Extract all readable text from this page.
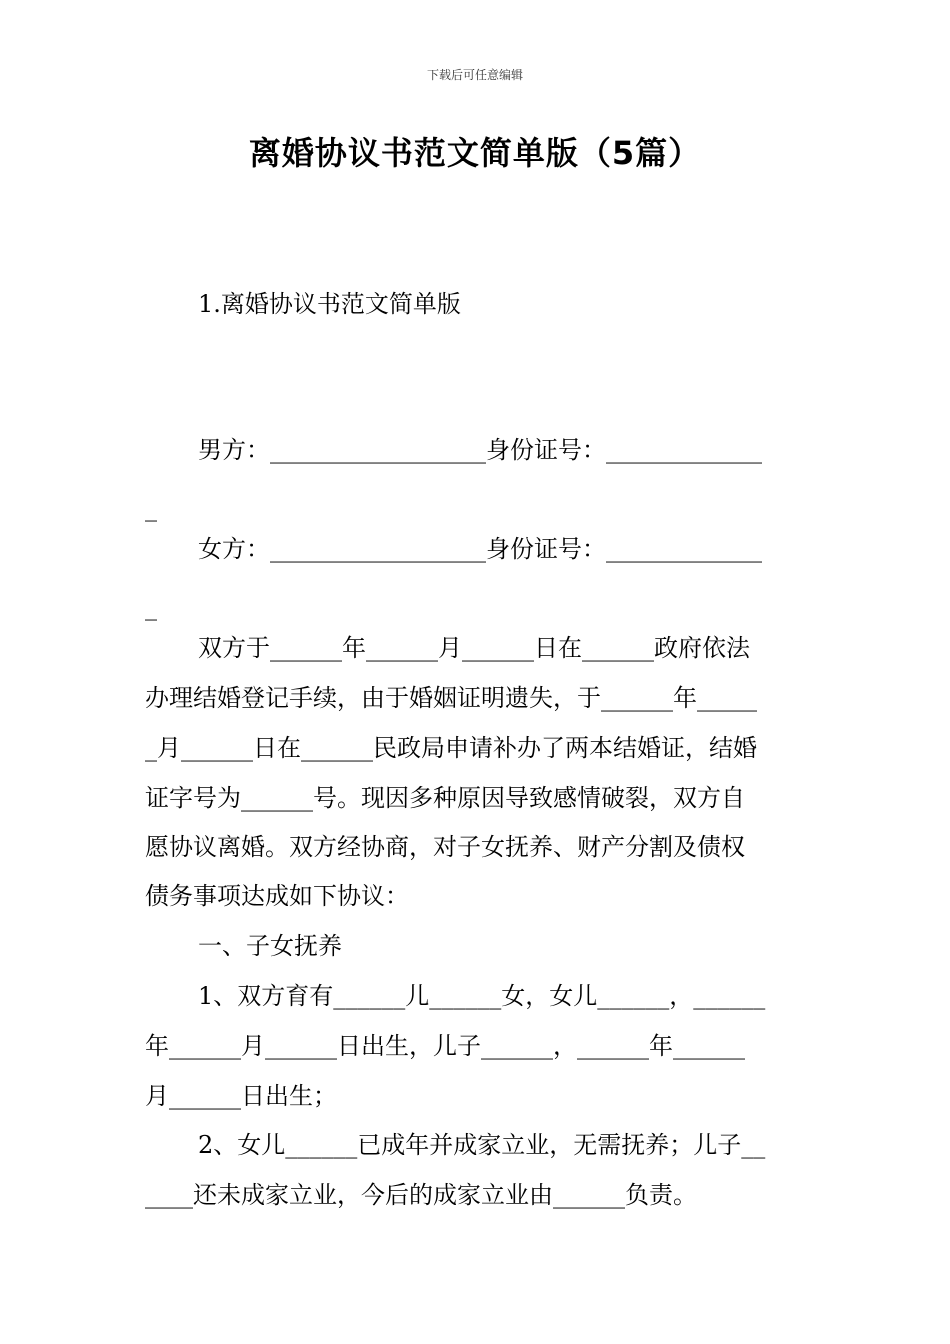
下载后可任意编辑
离婚协议书范文简单版（5篇）
1.离婚协议书范文简单版
男方：__________________身份证号：_____________
_
女方：__________________身份证号：_____________
_
双方于______年______月______日在______政府依法
办理结婚登记手续，由于婚姻证明遗失，于______年_____
_月______日在______民政局申请补办了两本结婚证，结婚
证字号为______号。现因多种原因导致感情破裂，双方自
愿协议离婚。双方经协商，对子女抚养、财产分割及债权
债务事项达成如下协议：
一、子女抚养
1、双方育有______儿______女，女儿______，______
年______月______日出生，儿子______，______年______
月______日出生；
2、女儿______已成年并成家立业，无需抚养；儿子__
____还未成家立业，今后的成家立业由______负责。
